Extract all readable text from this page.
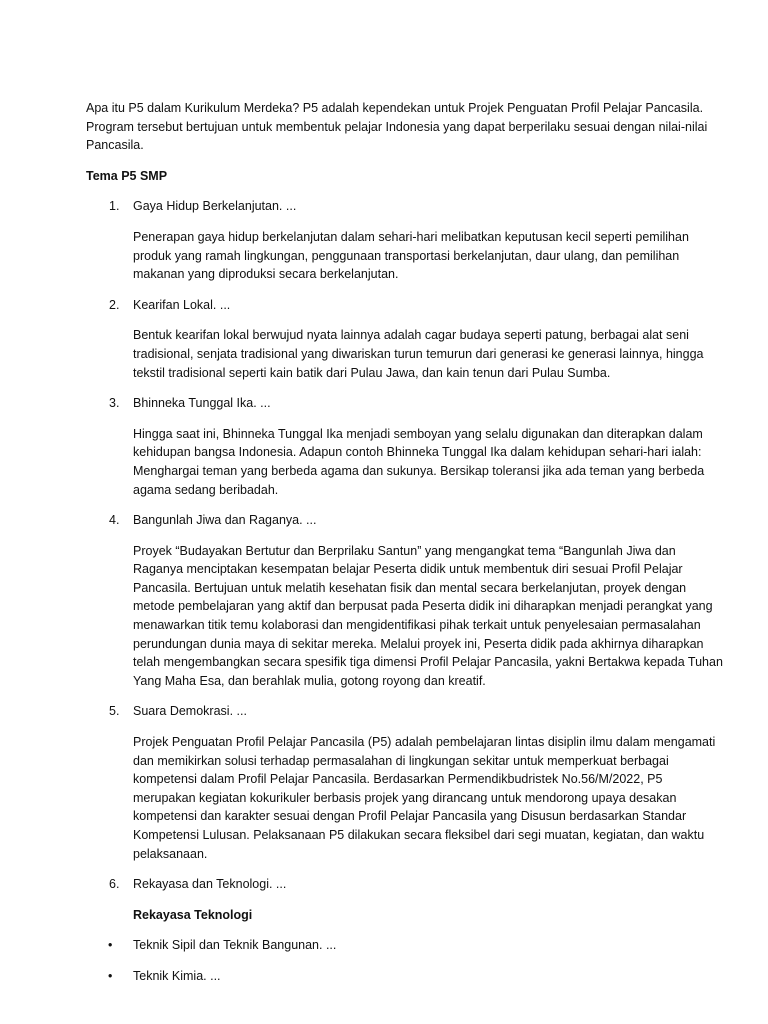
Apa itu P5 dalam Kurikulum Merdeka? P5 adalah kependekan untuk Projek Penguatan Profil Pelajar Pancasila. Program tersebut bertujuan untuk membentuk pelajar Indonesia yang dapat berperilaku sesuai dengan nilai-nilai Pancasila.

Tema P5 SMP

1. Gaya Hidup Berkelanjutan. ...

Penerapan gaya hidup berkelanjutan dalam sehari-hari melibatkan keputusan kecil seperti pemilihan produk yang ramah lingkungan, penggunaan transportasi berkelanjutan, daur ulang, dan pemilihan makanan yang diproduksi secara berkelanjutan.

2. Kearifan Lokal. ...

Bentuk kearifan lokal berwujud nyata lainnya adalah cagar budaya seperti patung, berbagai alat seni tradisional, senjata tradisional yang diwariskan turun temurun dari generasi ke generasi lainnya, hingga tekstil tradisional seperti kain batik dari Pulau Jawa, dan kain tenun dari Pulau Sumba.

3. Bhinneka Tunggal Ika. ...

Hingga saat ini, Bhinneka Tunggal Ika menjadi semboyan yang selalu digunakan dan diterapkan dalam kehidupan bangsa Indonesia. Adapun contoh Bhinneka Tunggal Ika dalam kehidupan sehari-hari ialah: Menghargai teman yang berbeda agama dan sukunya. Bersikap toleransi jika ada teman yang berbeda agama sedang beribadah.

4. Bangunlah Jiwa dan Raganya. ...

Proyek “Budayakan Bertutur dan Berprilaku Santun” yang mengangkat tema “Bangunlah Jiwa dan Raganya menciptakan kesempatan belajar Peserta didik untuk membentuk diri sesuai Profil Pelajar Pancasila. Bertujuan untuk melatih kesehatan fisik dan mental secara berkelanjutan, proyek dengan metode pembelajaran yang aktif dan berpusat pada Peserta didik ini diharapkan menjadi perangkat yang menawarkan titik temu kolaborasi dan mengidentifikasi pihak terkait untuk penyelesaian permasalahan perundungan dunia maya di sekitar mereka. Melalui proyek ini, Peserta didik pada akhirnya diharapkan telah mengembangkan secara spesifik tiga dimensi Profil Pelajar Pancasila, yakni Bertakwa kepada Tuhan Yang Maha Esa, dan berahlak mulia, gotong royong dan kreatif.

5. Suara Demokrasi. ...

Projek Penguatan Profil Pelajar Pancasila (P5) adalah pembelajaran lintas disiplin ilmu dalam mengamati dan memikirkan solusi terhadap permasalahan di lingkungan sekitar untuk memperkuat berbagai kompetensi dalam Profil Pelajar Pancasila. Berdasarkan Permendikbudristek No.56/M/2022, P5 merupakan kegiatan kokurikuler berbasis projek yang dirancang untuk mendorong upaya desakan kompetensi dan karakter sesuai dengan Profil Pelajar Pancasila yang Disusun berdasarkan Standar Kompetensi Lulusan. Pelaksanaan P5 dilakukan secara fleksibel dari segi muatan, kegiatan, dan waktu pelaksanaan.

6. Rekayasa dan Teknologi. ...

Rekayasa Teknologi

• Teknik Sipil dan Teknik Bangunan. ...
• Teknik Kimia. ...
